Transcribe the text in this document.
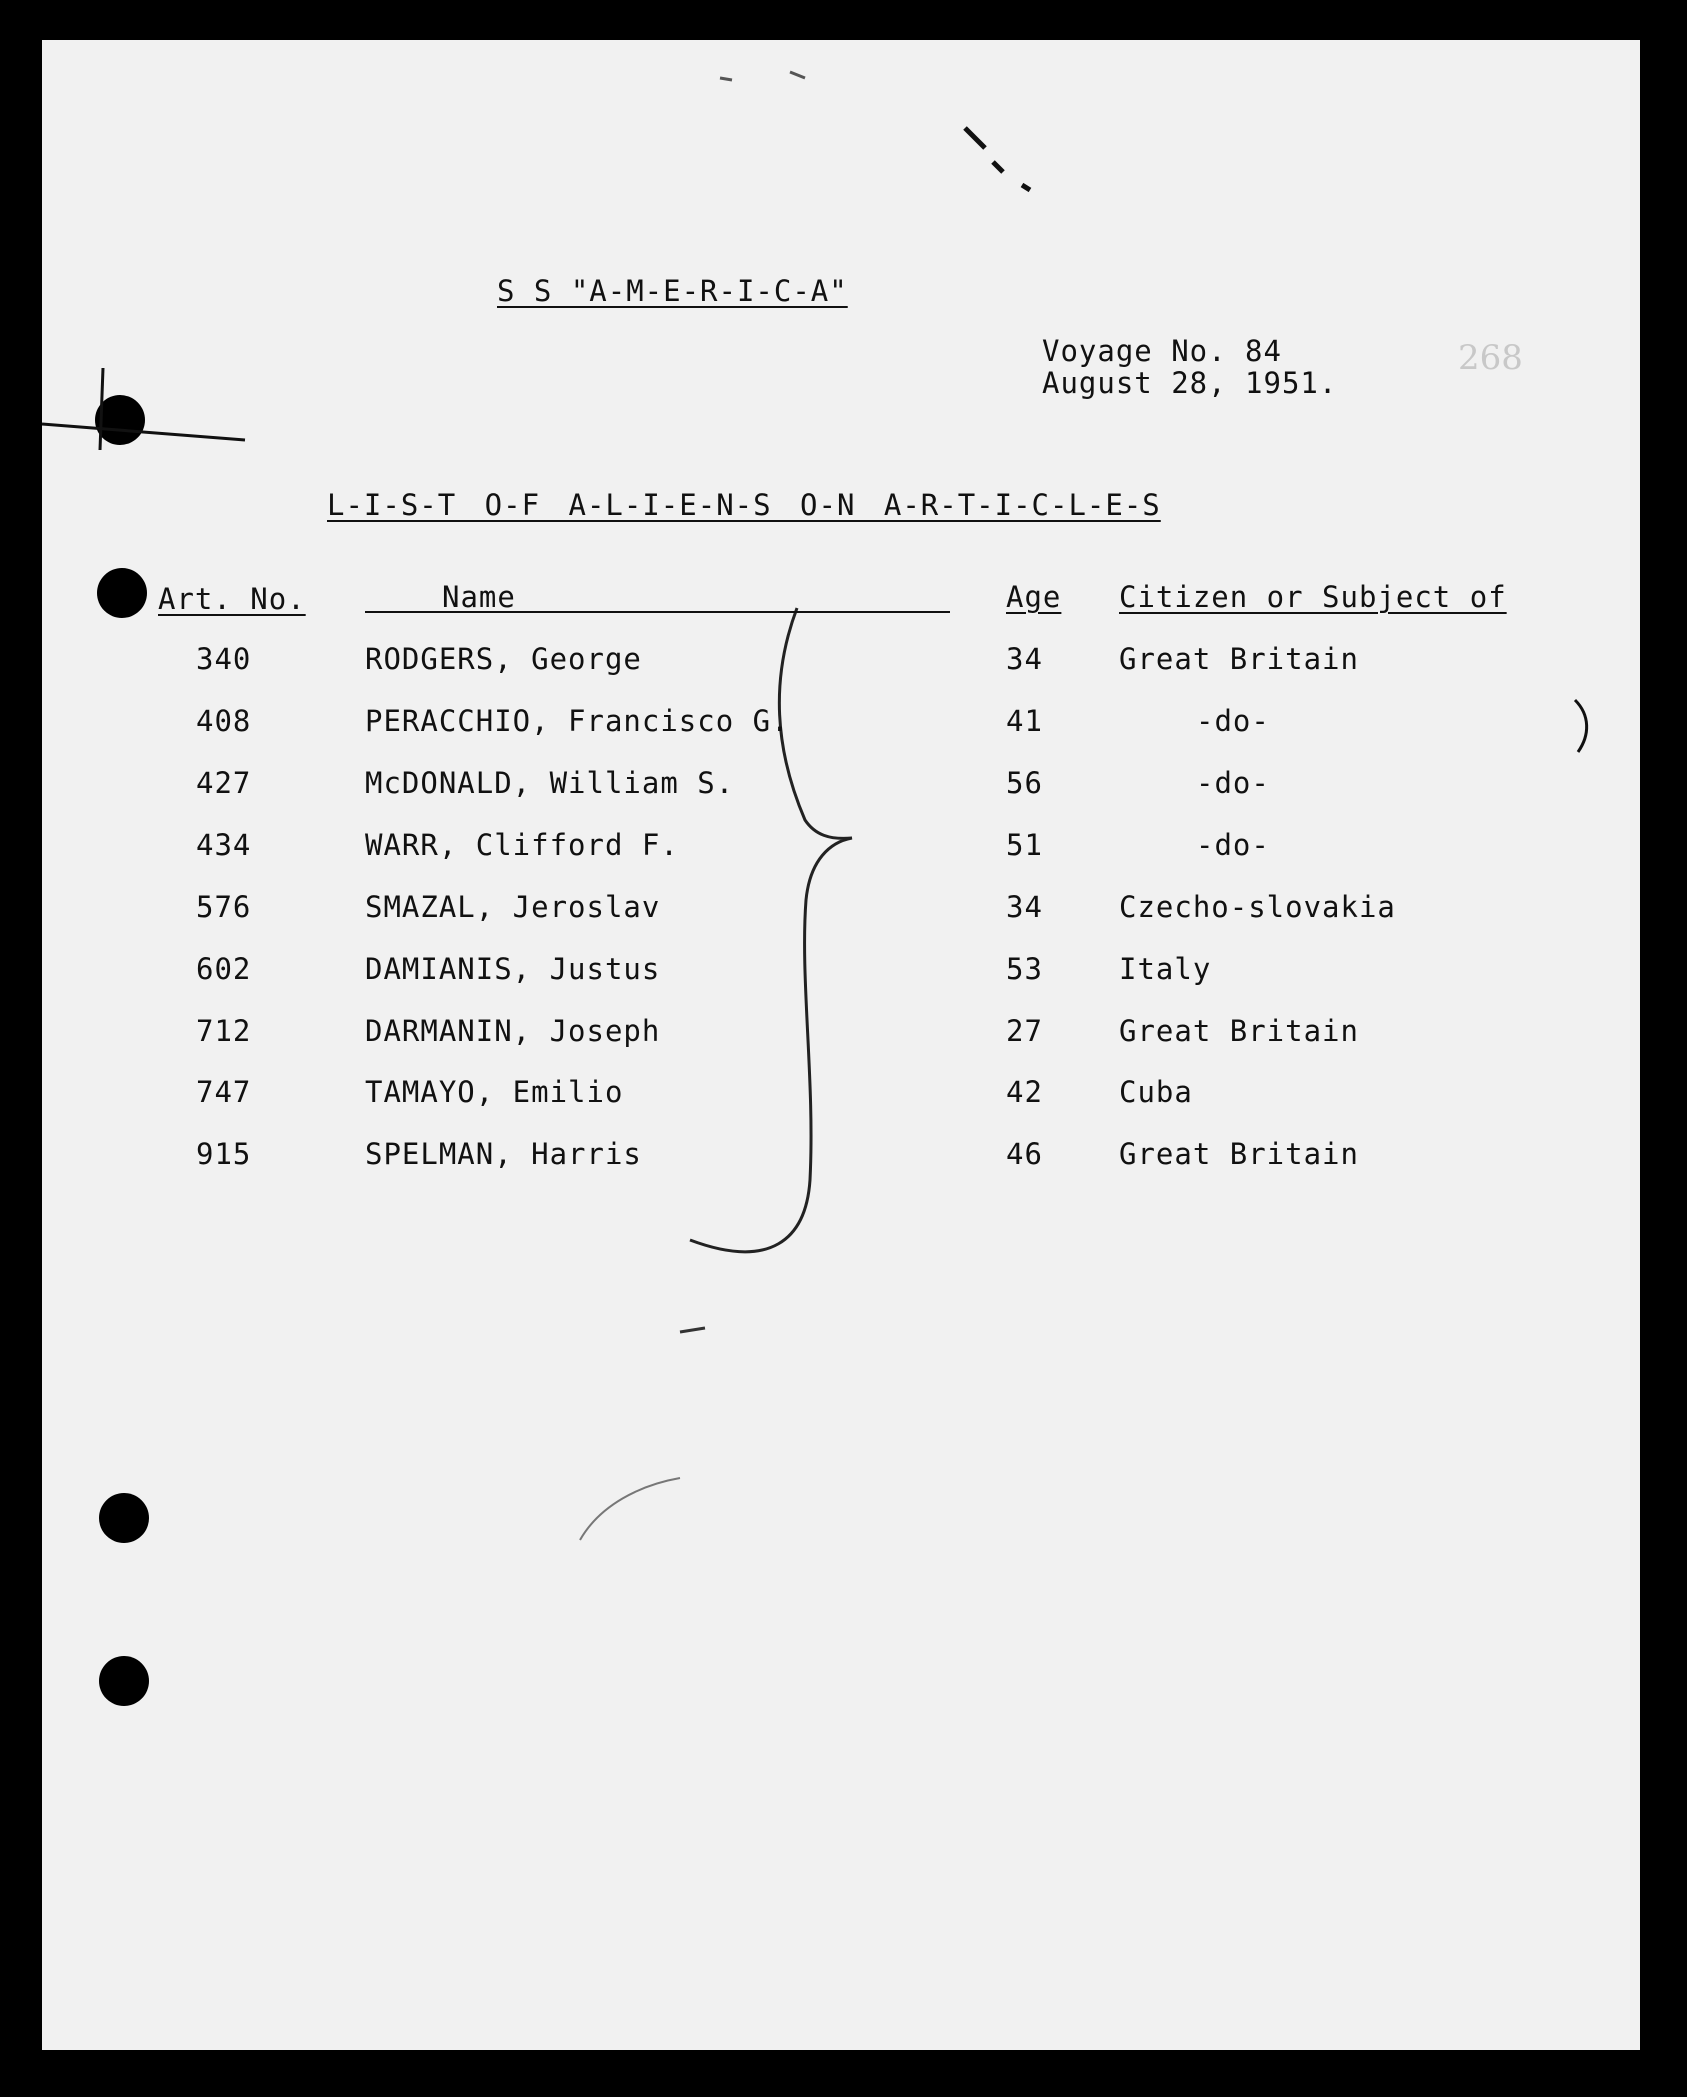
S S "A-M-E-R-I-C-A"
Voyage No. 84
August 28, 1951.
268
L-I-S-T O-F A-L-I-E-N-S O-N A-R-T-I-C-L-E-S
Art. No.	Name	Age Citizen or Subject of
340	RODGERS, George	34	Great Britain
408	PERACCHIO, Francisco G.	41	-do-
427	McDONALD, William S.	56	-do-
434	WARR, Clifford F.	51	-do-
576	SMAZAL, Jeroslav	34	Czecho-slovakia
602	DAMIANIS, Justus	53	Italy
712	DARMANIN, Joseph	27	Great Britain
747	TAMAYO, Emilio	42	Cuba
915	SPELMAN, Harris	46	Great Britain
